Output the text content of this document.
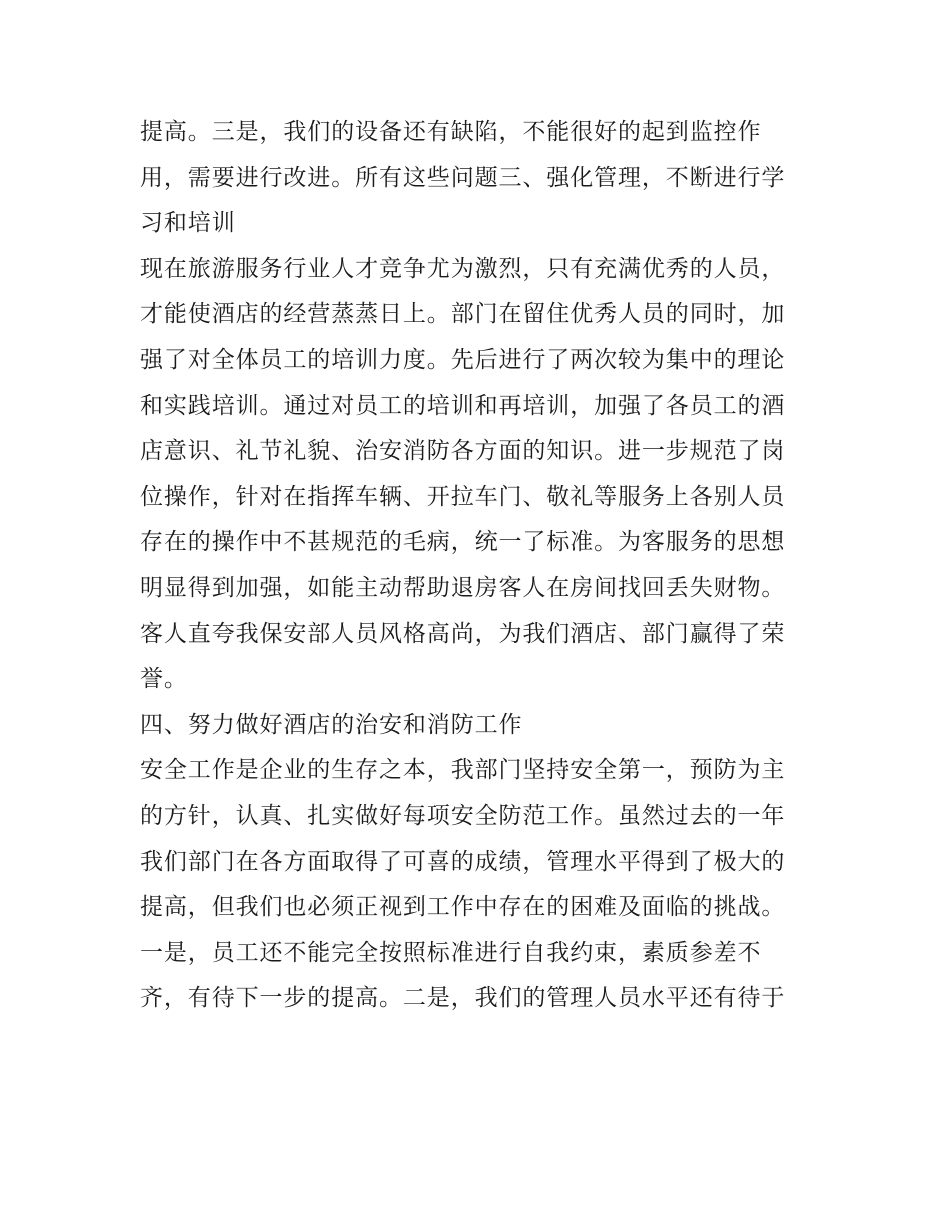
提高。三是，我们的设备还有缺陷，不能很好的起到监控作
用，需要进行改进。所有这些问题三、强化管理，不断进行学
习和培训
现在旅游服务行业人才竞争尤为激烈，只有充满优秀的人员，
才能使酒店的经营蒸蒸日上。部门在留住优秀人员的同时，加
强了对全体员工的培训力度。先后进行了两次较为集中的理论
和实践培训。通过对员工的培训和再培训，加强了各员工的酒
店意识、礼节礼貌、治安消防各方面的知识。进一步规范了岗
位操作，针对在指挥车辆、开拉车门、敬礼等服务上各别人员
存在的操作中不甚规范的毛病，统一了标准。为客服务的思想
明显得到加强，如能主动帮助退房客人在房间找回丢失财物。
客人直夸我保安部人员风格高尚，为我们酒店、部门赢得了荣
誉。
四、努力做好酒店的治安和消防工作
安全工作是企业的生存之本，我部门坚持安全第一，预防为主
的方针，认真、扎实做好每项安全防范工作。虽然过去的一年
我们部门在各方面取得了可喜的成绩，管理水平得到了极大的
提高，但我们也必须正视到工作中存在的困难及面临的挑战。
一是，员工还不能完全按照标准进行自我约束，素质参差不
齐，有待下一步的提高。二是，我们的管理人员水平还有待于
